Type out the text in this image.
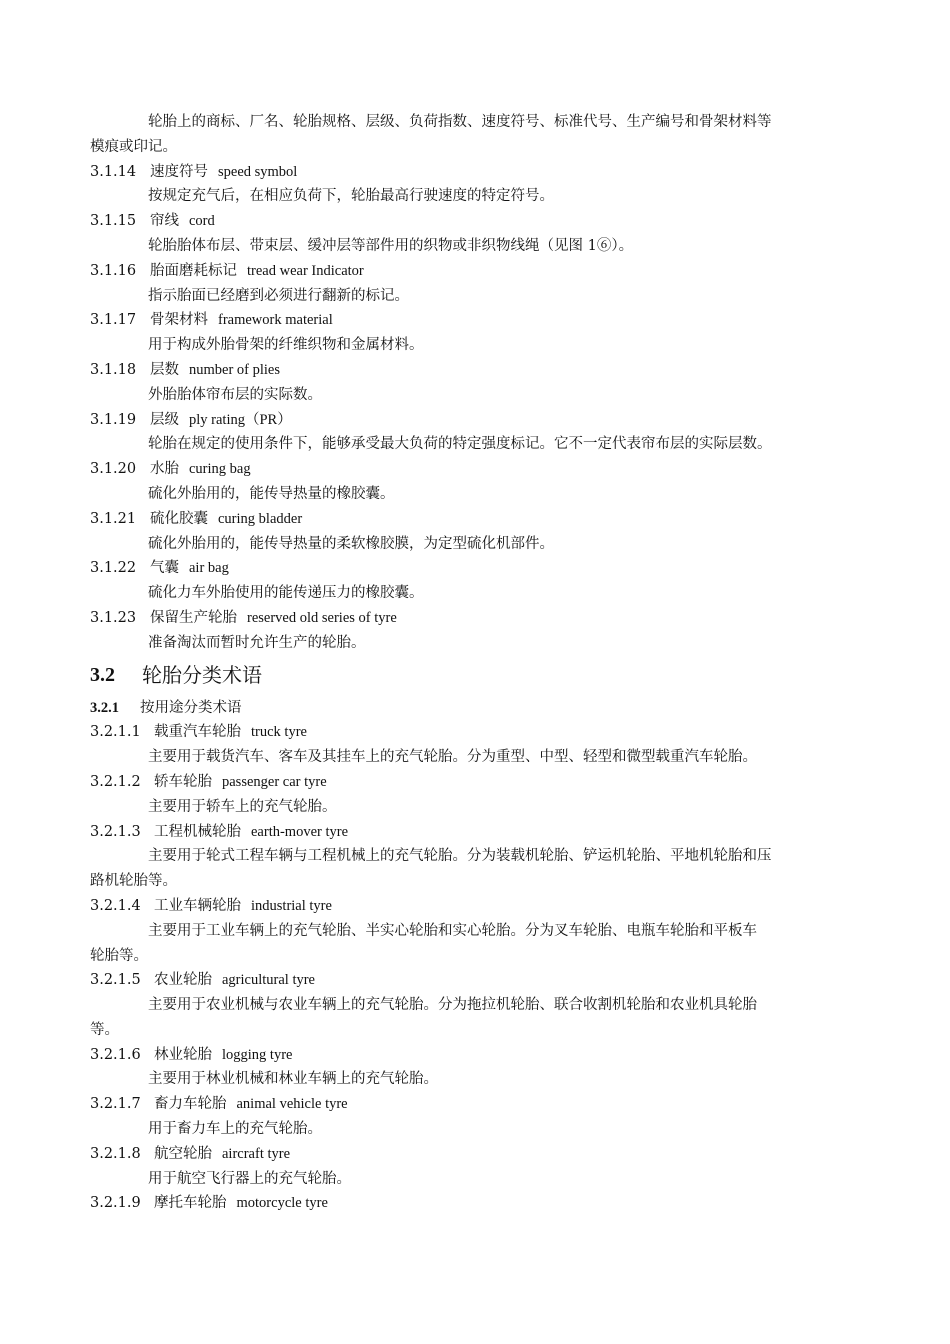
轮胎上的商标、厂名、轮胎规格、层级、负荷指数、速度符号、标准代号、生产编号和骨架材料等
模痕或印记。
3.1.14 速度符号 speed symbol
按规定充气后，在相应负荷下，轮胎最高行驶速度的特定符号。
3.1.15 帘线 cord
轮胎胎体布层、带束层、缓冲层等部件用的织物或非织物线绳（见图 1⑥）。
3.1.16 胎面磨耗标记 tread wear Indicator
指示胎面已经磨到必须进行翻新的标记。
3.1.17 骨架材料 framework material
用于构成外胎骨架的纤维织物和金属材料。
3.1.18 层数 number of plies
外胎胎体帘布层的实际数。
3.1.19 层级 ply rating（PR）
轮胎在规定的使用条件下，能够承受最大负荷的特定强度标记。它不一定代表帘布层的实际层数。
3.1.20 水胎 curing bag
硫化外胎用的，能传导热量的橡胶囊。
3.1.21 硫化胶囊 curing bladder
硫化外胎用的，能传导热量的柔软橡胶膜，为定型硫化机部件。
3.1.22 气囊 air bag
硫化力车外胎使用的能传递压力的橡胶囊。
3.1.23 保留生产轮胎 reserved old series of tyre
准备淘汰而暂时允许生产的轮胎。
3.2	轮胎分类术语
3.2.1 按用途分类术语
3.2.1.1 载重汽车轮胎 truck tyre
主要用于载货汽车、客车及其挂车上的充气轮胎。分为重型、中型、轻型和微型载重汽车轮胎。
3.2.1.2 轿车轮胎 passenger car tyre
主要用于轿车上的充气轮胎。
3.2.1.3 工程机械轮胎 earth-mover tyre
主要用于轮式工程车辆与工程机械上的充气轮胎。分为装载机轮胎、铲运机轮胎、平地机轮胎和压
路机轮胎等。
3.2.1.4 工业车辆轮胎 industrial tyre
主要用于工业车辆上的充气轮胎、半实心轮胎和实心轮胎。分为叉车轮胎、电瓶车轮胎和平板车
轮胎等。
3.2.1.5 农业轮胎 agricultural tyre
主要用于农业机械与农业车辆上的充气轮胎。分为拖拉机轮胎、联合收割机轮胎和农业机具轮胎
等。
3.2.1.6 林业轮胎 logging tyre
主要用于林业机械和林业车辆上的充气轮胎。
3.2.1.7 畜力车轮胎 animal vehicle tyre
用于畜力车上的充气轮胎。
3.2.1.8 航空轮胎 aircraft tyre
用于航空飞行器上的充气轮胎。
3.2.1.9 摩托车轮胎 motorcycle tyre
